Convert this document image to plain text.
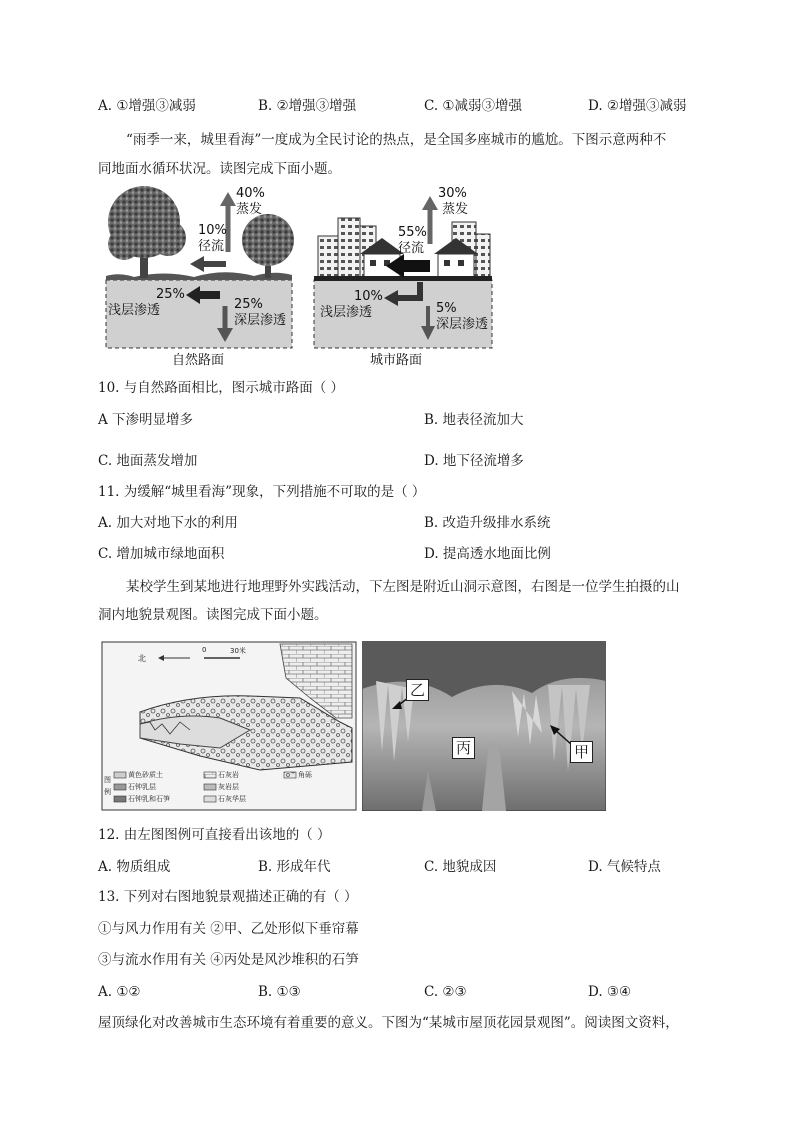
A. ①增强③减弱	B. ②增强③增强	C. ①减弱③增强	D. ②增强③减弱
“雨季一来，城里看海”一度成为全民讨论的热点，是全国多座城市的尴尬。下图示意两种不
同地面水循环状况。读图完成下面小题。
40%
蒸发
10%
径流
25%
浅层渗透	25%
深层渗透
自然路面
30%
蒸发
55%
径流
10%
浅层渗透	5%
深层渗透
城市路面
10. 与自然路面相比，图示城市路面（ ）
A 下渗明显增多	B. 地表径流加大
C. 地面蒸发增加	D. 地下径流增多
11. 为缓解“城里看海”现象，下列措施不可取的是（ ）
A. 加大对地下水的利用	B. 改造升级排水系统
C. 增加城市绿地面积	D. 提高透水地面比例
某校学生到某地进行地理野外实践活动，下左图是附近山洞示意图，右图是一位学生拍摄的山
洞内地貌景观图。读图完成下面小题。
北
0	30米
图例
黄色砂质土	石灰岩	角砾
石钟乳层	灰岩层
石钟乳和石笋	石灰华层
乙
丙	甲
12. 由左图图例可直接看出该地的（ ）
A. 物质组成	B. 形成年代	C. 地貌成因	D. 气候特点
13. 下列对右图地貌景观描述正确的有（ ）
①与风力作用有关 ②甲、乙处形似下垂帘幕
③与流水作用有关 ④丙处是风沙堆积的石笋
A. ①②	B. ①③	C. ②③	D. ③④
屋顶绿化对改善城市生态环境有着重要的意义。下图为“某城市屋顶花园景观图”。阅读图文资料，
